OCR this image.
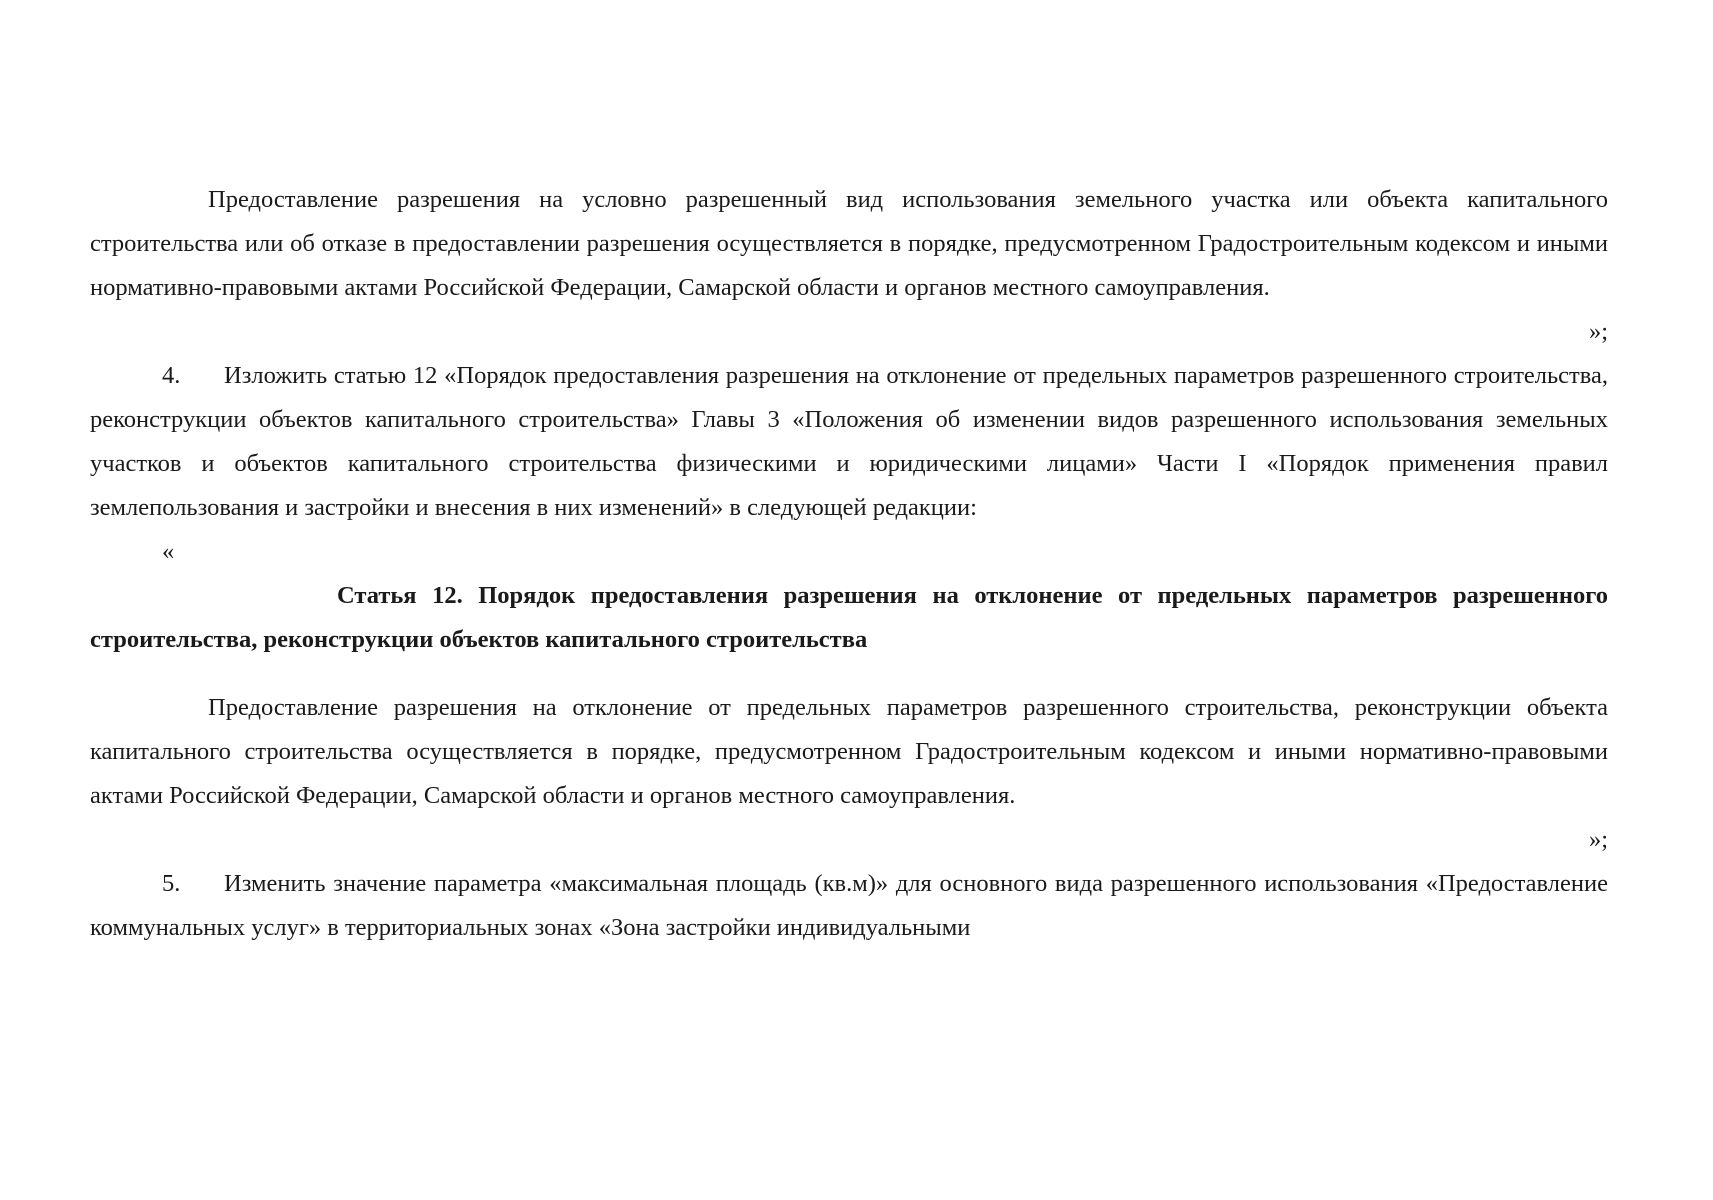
Предоставление разрешения на условно разрешенный вид использования земельного участка или объекта капитального строительства или об отказе в предоставлении разрешения осуществляется в порядке, предусмотренном Градостроительным кодексом и иными нормативно-правовыми актами Российской Федерации, Самарской области и органов местного самоуправления.

»;

4. Изложить статью 12 «Порядок предоставления разрешения на отклонение от предельных параметров разрешенного строительства, реконструкции объектов капитального строительства» Главы 3 «Положения об изменении видов разрешенного использования земельных участков и объектов капитального строительства физическими и юридическими лицами» Части I «Порядок применения правил землепользования и застройки и внесения в них изменений» в следующей редакции:

«

Статья 12. Порядок предоставления разрешения на отклонение от предельных параметров разрешенного строительства, реконструкции объектов капитального строительства

Предоставление разрешения на отклонение от предельных параметров разрешенного строительства, реконструкции объекта капитального строительства осуществляется в порядке, предусмотренном Градостроительным кодексом и иными нормативно-правовыми актами Российской Федерации, Самарской области и органов местного самоуправления.

»;

5. Изменить значение параметра «максимальная площадь (кв.м)» для основного вида разрешенного использования «Предоставление коммунальных услуг» в территориальных зонах «Зона застройки индивидуальными
